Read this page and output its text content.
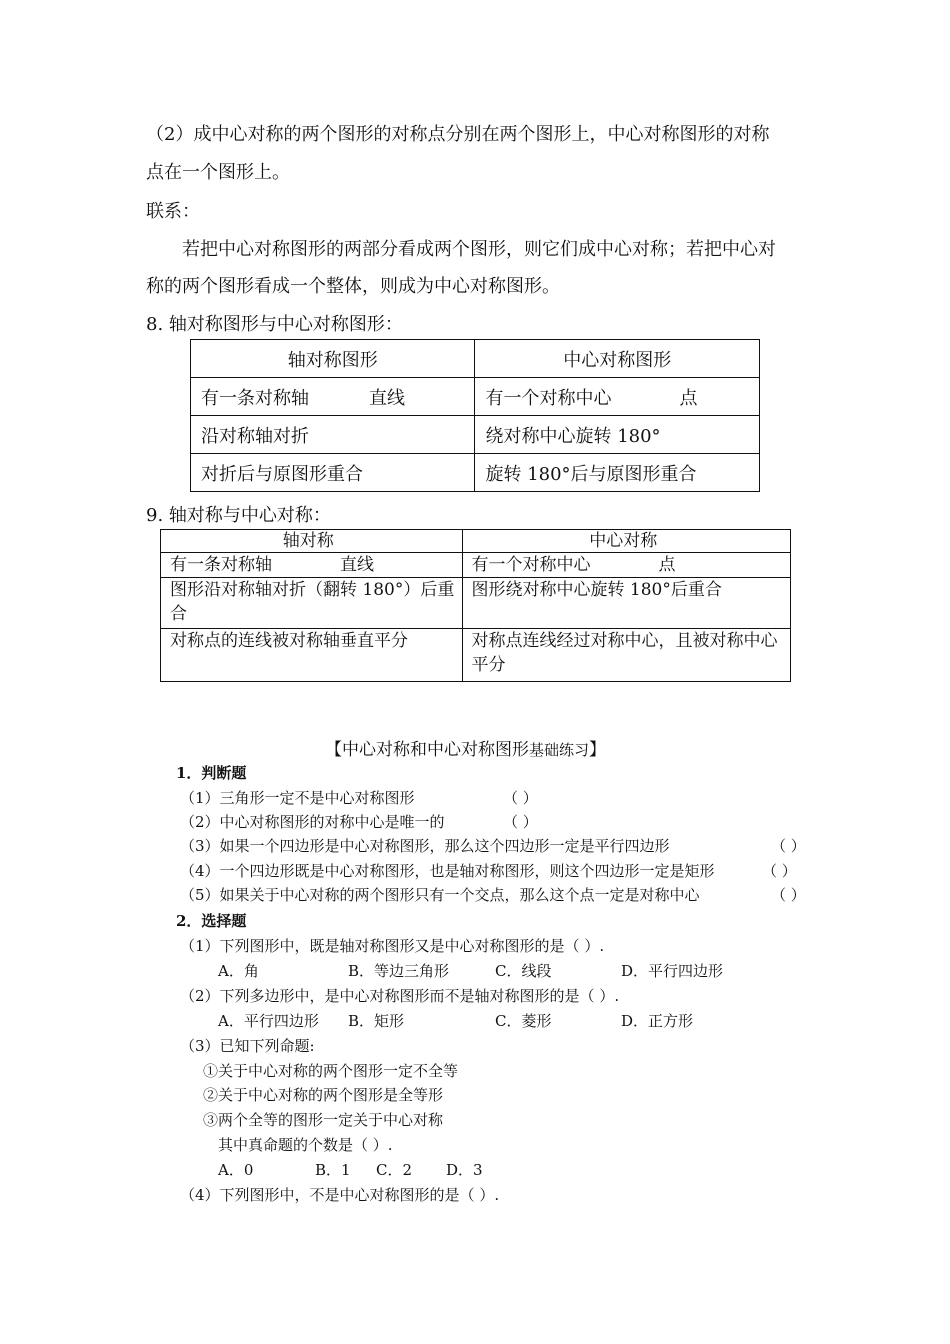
（2）成中心对称的两个图形的对称点分别在两个图形上，中心对称图形的对称
点在一个图形上。
联系：
若把中心对称图形的两部分看成两个图形，则它们成中心对称；若把中心对
称的两个图形看成一个整体，则成为中心对称图形。
8. 轴对称图形与中心对称图形：
轴对称图形	中心对称图形
有一条对称轴 直线	有一个对称中心 点
沿对称轴对折	绕对称中心旋转 180°
对折后与原图形重合	旋转 180°后与原图形重合
9. 轴对称与中心对称：
轴对称	中心对称
有一条对称轴 直线	有一个对称中心 点
图形沿对称轴对折（翻转 180°）后重合	图形绕对称中心旋转 180°后重合
对称点的连线被对称轴垂直平分	对称点连线经过对称中心，且被对称中心平分
【中心对称和中心对称图形基础练习】
1．判断题
（1）三角形一定不是中心对称图形	（ ）
（2）中心对称图形的对称中心是唯一的	（ ）
（3）如果一个四边形是中心对称图形，那么这个四边形一定是平行四边形	（ ）
（4）一个四边形既是中心对称图形，也是轴对称图形，则这个四边形一定是矩形	（ ）
（5）如果关于中心对称的两个图形只有一个交点，那么这个点一定是对称中心	（ ）
2．选择题
（1）下列图形中，既是轴对称图形又是中心对称图形的是（ ）.
A．角	B．等边三角形	C．线段	D．平行四边形
（2）下列多边形中，是中心对称图形而不是轴对称图形的是（ ）.
A．平行四边形 B．矩形	C．菱形	D．正方形
（3）已知下列命题:
①关于中心对称的两个图形一定不全等
②关于中心对称的两个图形是全等形
③两个全等的图形一定关于中心对称
其中真命题的个数是（ ）.
A．0	B．1 C．2 D．3
（4）下列图形中，不是中心对称图形的是（ ）.
